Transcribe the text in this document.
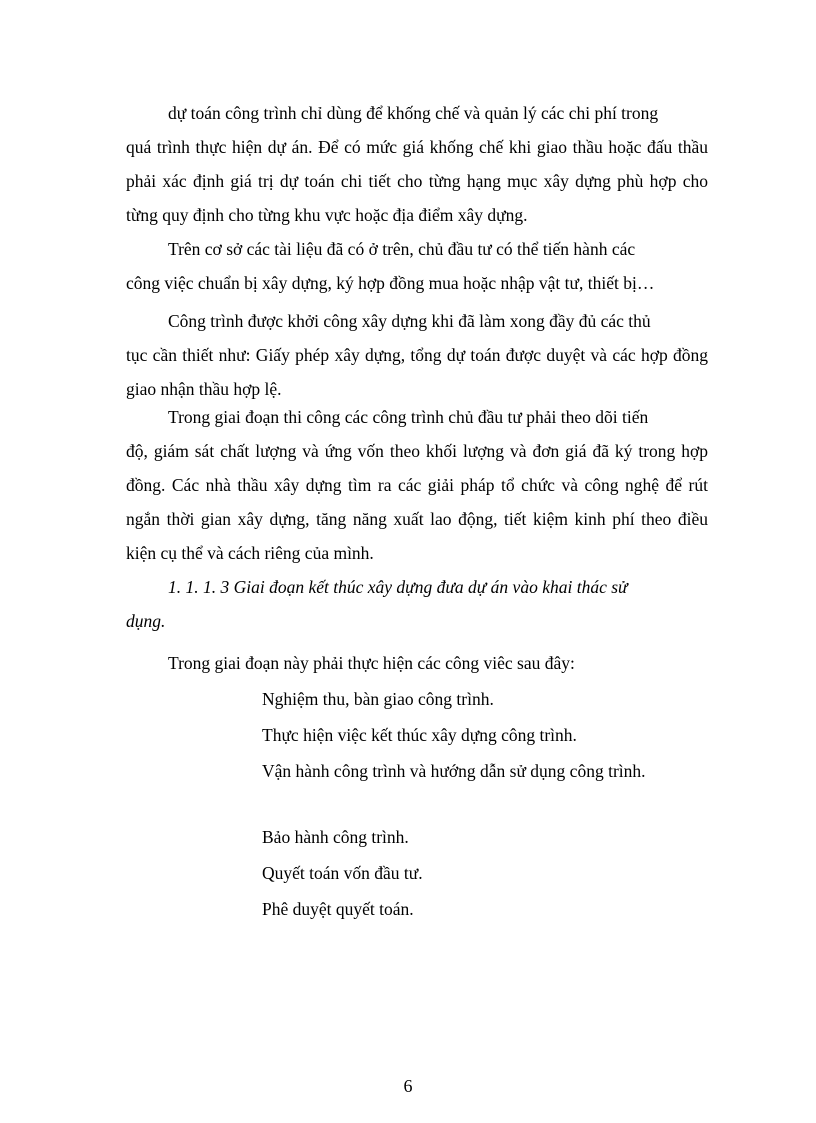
dự toán công trình chỉ dùng để khống chế và quản lý các chi phí trong

quá trình thực hiện dự án. Để có mức giá khống chế khi giao thầu hoặc đấu thầu phải xác định giá trị dự toán chi tiết cho từng hạng mục xây dựng phù hợp cho từng quy định cho từng khu vực hoặc địa điểm xây dựng.

Trên cơ sở các tài liệu đã có ở trên, chủ đầu tư có thể tiến hành các

công việc chuẩn bị xây dựng, ký hợp đồng mua hoặc nhập vật tư, thiết bị…

Công trình được khởi công xây dựng khi đã làm xong đầy đủ các thủ

tục cần thiết như: Giấy phép xây dựng, tổng dự toán được duyệt và các hợp đồng giao nhận thầu hợp lệ.

Trong giai đoạn thi công các công trình chủ đầu tư phải theo dõi tiến

độ, giám sát chất lượng và ứng vốn theo khối lượng và đơn giá đã ký trong hợp đồng. Các nhà thầu xây dựng tìm ra các giải pháp tổ chức và công nghệ để rút ngắn thời gian xây dựng, tăng năng xuất lao động, tiết kiệm kinh phí theo điều kiện cụ thể và cách riêng của mình.

1. 1. 1. 3 Giai đoạn kết thúc xây dựng đưa dự án vào khai thác sử

dụng.

Trong giai đoạn này phải thực hiện các công viêc sau đây:

Nghiệm thu, bàn giao công trình.

Thực hiện việc kết thúc xây dựng công trình.

Vận hành công trình và hướng dẫn sử dụng công trình.

Bảo hành công trình.

Quyết toán vốn đầu tư.

Phê duyệt quyết toán.

6
